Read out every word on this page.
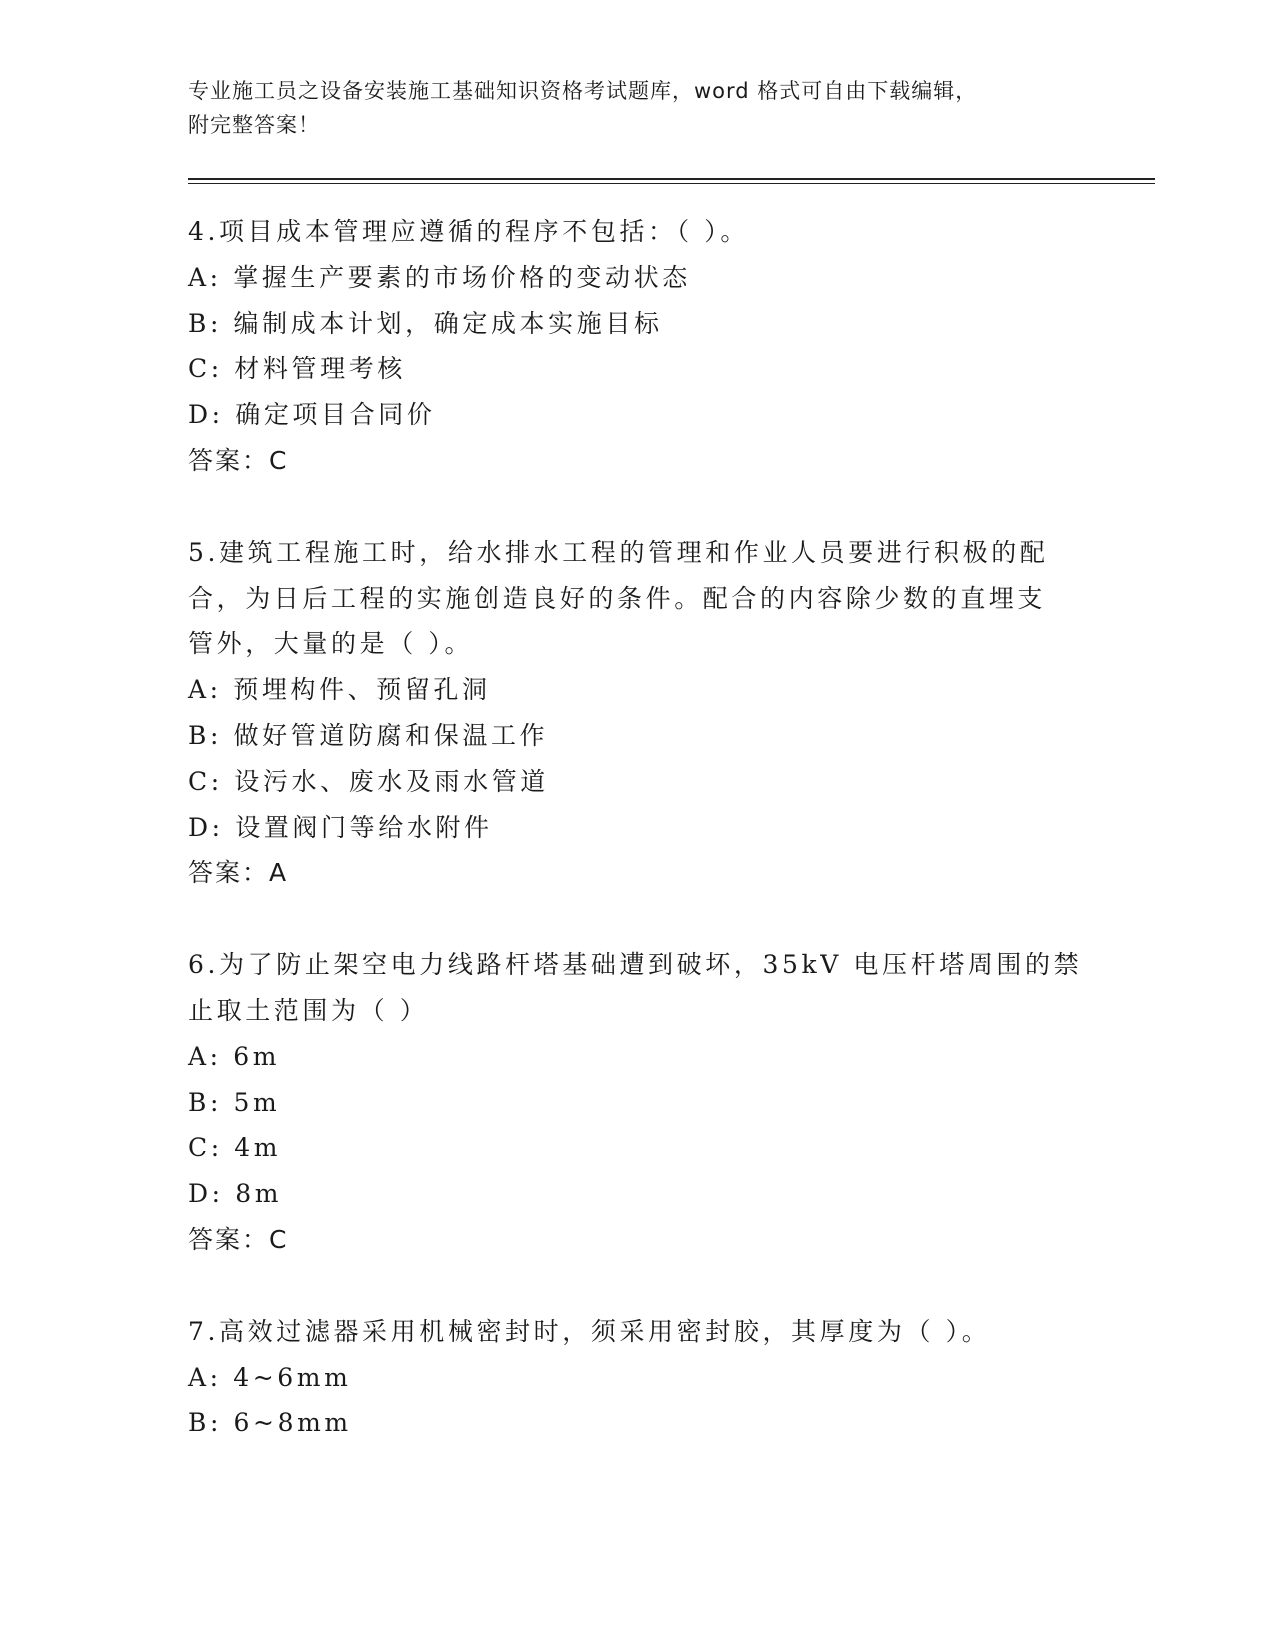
专业施工员之设备安装施工基础知识资格考试题库，word 格式可自由下载编辑，
附完整答案！
4.项目成本管理应遵循的程序不包括：（ ）。
A: 掌握生产要素的市场价格的变动状态
B: 编制成本计划，确定成本实施目标
C: 材料管理考核
D: 确定项目合同价
答案：C
5.建筑工程施工时，给水排水工程的管理和作业人员要进行积极的配
合，为日后工程的实施创造良好的条件。配合的内容除少数的直埋支
管外，大量的是（ ）。
A: 预埋构件、预留孔洞
B: 做好管道防腐和保温工作
C: 设污水、废水及雨水管道
D: 设置阀门等给水附件
答案：A
6.为了防止架空电力线路杆塔基础遭到破坏，35kV 电压杆塔周围的禁
止取土范围为（ ）
A: 6m
B: 5m
C: 4m
D: 8m
答案：C
7.高效过滤器采用机械密封时，须采用密封胶，其厚度为（ ）。
A: 4~6mm
B: 6~8mm
